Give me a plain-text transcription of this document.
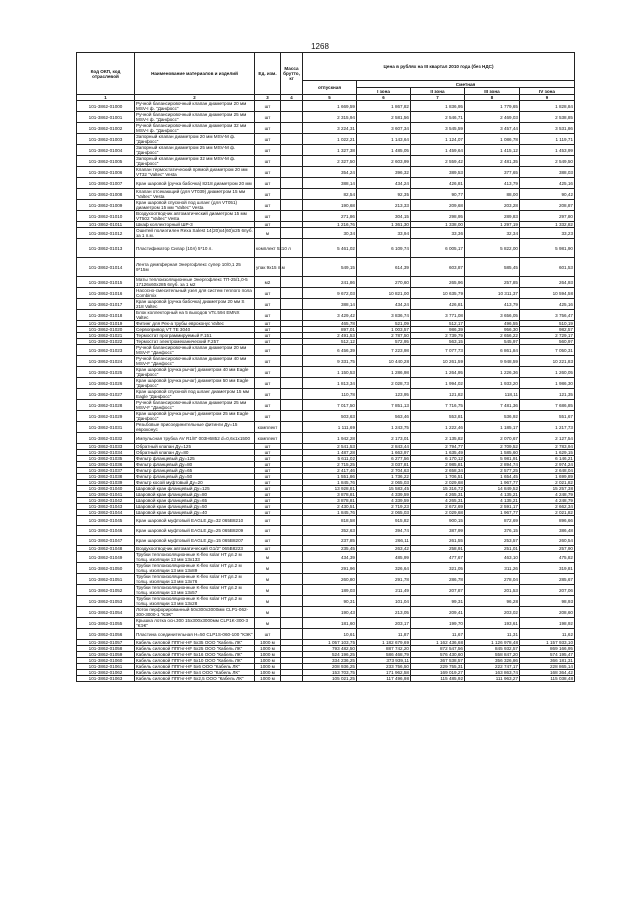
1268
Код ОКП, код отраслевой	Наименование материалов и изделий	Ед. изм.	Масса брутто, кг	Цена в рублях на III квартал 2010 года (без НДС)				
				отпускная	Сметная			
					I зона	II зона	III зона	IV зона
1	2	3	4	5	6	7	8	9
101-3862-01000	Ручной балансировочный клапан диаметром 20 мм MSV-I ф. "Данфосс"	шт		1 669,59	1 867,82	1 836,95	1 779,65	1 828,84
101-3862-01001	Ручной балансировочный клапан диаметром 25 мм MSV-I ф. "Данфосс"	шт		2 315,94	2 581,56	2 546,71	2 469,03	2 538,85
101-3862-01002	Ручной балансировочный клапан диаметром 32 мм MSV-I ф. "Данфосс"	шт		3 224,31	3 607,34	3 545,59	3 457,44	3 531,86
101-3862-01003	Запорный клапан диаметром 20 мм MSV-M ф. "Данфосс"	шт		1 022,21	1 143,64	1 124,07	1 086,78	1 119,71
101-3862-01004	Запорный клапан диаметром 25 мм MSV-M ф. "Данфосс"	шт		1 327,38	1 485,05	1 459,64	1 415,12	1 453,99
101-3862-01005	Запорный клапан диаметром 32 мм MSV-M ф. "Данфосс"	шт		2 327,50	2 603,99	2 559,42	2 481,35	2 549,50
101-3862-01006	Клапан термостатический прямой диаметром 20 мм VT32 "Valtec" Vesta	шт		354,24	396,32	389,53	377,65	388,03
101-3862-01007	Кран шаровой (ручка бабочка) 8218 диаметром 20 мм	шт		388,14	434,24	426,81	413,79	425,16
101-3862-01008	Клапан отсекающий (для VT039) диаметром 15 мм "Valtec" Vesta	шт		82,54	92,35	90,77	88,00	90,42
101-3862-01009	Кран шаровой спускной под шланг (для VT051) диаметром 15 мм "Valtec" Vesta	шт		190,68	213,33	209,68	203,28	208,87
101-3862-01010	Воздухоотводчик автоматический диаметром 15 мм VT502 "Valtec" Vesta	шт		271,86	304,15	298,95	289,83	297,80
101-3862-01011	Шкаф коллекторный ШР-3	шт		1 216,76	1 361,30	1 338,00	1 297,19	1 332,82
101-3862-01012	Ошитей полиэтилен Rexa Salest 14(20)х4(60)х25 6пуб. за 1 п.м.	м		30,34	33,94	33,36	32,34	33,23
101-3862-01013	Пластификатор Силар (10л) 5*10 л.	комплект 5х10 л		5 461,02	6 109,74	6 005,17	5 822,00	5 981,90
101-3862-01014	Лента демпферная Энергофлекс супер 10/0,1 25 9*15м	упак 9х15 п.м		549,15	614,39	603,87	585,45	601,53
101-3862-01015	Маты теплоизоляционные Энергофлекс ТП-25/1,0-5 17126х60х285 6пуб. за 1 м2	м2		241,86	270,60	265,96	257,85	264,93
101-3862-01016	Насосно-смесительный узел для систем теплого пола Combimix	шт		9 672,03	10 821,00	10 635,79	10 311,37	10 594,58
101-3862-01017	Кран шаровой (ручка бабочка) диаметром 20 мм S 218 Valtec	шт		388,14	434,24	426,81	413,79	425,16
101-3862-01018	Блок коллекторный на 5 выходов VTc.594 EMNX Valtec	шт		3 429,42	3 836,74	3 771,08	3 656,05	3 756,47
101-3862-01019	Фитинг для Рех-а трубы евроконус Valtec	шт		465,78	521,09	512,17	496,55	510,19
101-3862-01020	Сервопривод VT TE 3040	шт		897,01	1 003,57	986,39	956,30	982,57
101-3862-01021	Термостат программируемый F.151	шт		2 491,53	2 787,50	2 739,79	2 656,22	2 729,17
101-3862-01022	Термостат электромеханический F.257	шт		512,12	572,95	563,15	545,97	560,97
101-3862-01023	Ручной балансировочный клапан диаметром 20 мм MSV-F "Данфосс"	шт		6 456,39	7 223,98	7 077,73	6 861,84	7 050,31
101-3862-01024	Ручной балансировочный клапан диаметром 40 мм MSV-F "Данфосс"	шт		9 331,75	10 440,28	10 261,59	9 948,59	10 221,83
101-3862-01025	Кран шаровой (ручка рычаг) диаметром 40 мм Eagle "Данфосс"	шт		1 150,53	1 286,98	1 264,95	1 226,36	1 260,05
101-3862-01026	Кран шаровой (ручка рычаг) диаметром 50 мм Eagle "Данфосс"	шт		1 813,34	2 028,73	1 994,02	1 933,20	1 986,30
101-3862-01027	Кран шаровой спускной под шланг диаметром 15 мм Eagle "Данфосс"	шт		110,78	123,95	121,82	118,11	121,35
101-3862-01028	Ручной балансировочный клапан диаметром 25 мм MSV-F "Данфосс"	шт		7 017,50	7 851,13	7 716,75	7 481,36	7 686,85
101-3862-01029	Кран шаровой (ручка рычаг) диаметром 25 мм Eagle "Данфосс"	шт		503,63	563,46	553,81	536,92	551,67
101-3862-01031	Резьбовые присоединительные фитинги Ду=15 евроконус	комплект		1 111,69	1 243,75	1 222,46	1 185,17	1 217,73
101-3862-01032	Импульсная трубка AV R1/8" 003Н6852 d=0,6х1х1500	комплект		1 942,28	2 173,01	2 135,82	2 070,67	2 127,54
101-3862-01033	Обратный клапан Ду=125	шт		2 541,53	2 843,44	2 794,77	2 709,52	2 783,94
101-3862-01034	Обратный клапан Ду=80	шт		1 487,28	1 663,97	1 635,49	1 585,60	1 629,15
101-3862-01035	Фильтр фланцевый Ду=125	шт		5 611,02	6 277,56	6 170,12	5 981,91	6 146,21
101-3862-01036	Фильтр фланцевый Ду=80	шт		2 715,25	3 037,81	2 985,81	2 894,74	2 974,24
101-3862-01037	Фильтр фланцевый Ду=65	шт		2 417,46	2 704,63	2 658,34	2 577,25	2 648,04
101-3862-01038	Фильтр фланцевый Ду=50	шт		1 551,86	1 736,22	1 706,51	1 654,45	1 699,89
101-3862-01039	Фильтр косой муфтовый Ду=20	шт		1 845,76	2 065,03	2 029,68	1 967,77	2 021,82
101-3862-01040	Шаровой кран фланцевый Ду=125	шт		13 928,81	15 583,45	15 316,72	14 849,52	15 257,38
101-3862-01041	Шаровой кран фланцевый Ду=80	шт		3 878,81	4 339,59	4 265,31	4 135,21	4 248,79
101-3862-01042	Шаровой кран фланцевый Ду=65	шт		3 878,81	4 339,59	4 265,31	4 135,21	4 248,79
101-3862-01043	Шаровой кран фланцевый Ду=50	шт		2 430,51	2 719,23	2 672,69	2 591,17	2 662,34
101-3862-01044	Шаровой кран фланцевый Ду=40	шт		1 845,76	2 065,03	2 029,68	1 967,77	2 021,82
101-3862-01045	Кран шаровой муфтовый EAGLE Ду=32 065В8210	шт		818,58	915,82	900,15	872,69	896,66
101-3862-01046	Кран шаровой муфтовый EAGLE Ду=25 065В8209	шт		352,63	394,74	387,99	376,15	386,48
101-3862-01047	Кран шаровой муфтовый EAGLE Ду=15 065В8207	шт		237,85	266,11	261,55	253,57	260,54
101-3862-01048	Воздухоотводчик автоматический G1/2" 065В8223	шт		235,45	263,42	258,91	251,01	257,90
101-3862-01049	Трубки теплоизоляционные K-flex solar HT дл.2 м толщ. изоляции 13 мм 13х133	м		434,39	485,99	477,67	463,10	475,82
101-3862-01050	Трубки теплоизоляционные K-flex solar HT дл.2 м толщ. изоляции 13 мм 13х89	м		291,96	326,64	321,05	311,26	319,81
101-3862-01051	Трубки теплоизоляционные K-flex solar HT дл.2 м толщ. изоляции 13 мм 13х76	м		260,80	291,78	286,78	278,04	285,67
101-3862-01052	Трубки теплоизоляционные K-flex solar HT дл.2 м толщ. изоляции 13 мм 13х57	м		189,03	211,49	207,87	201,53	207,06
101-3862-01053	Трубки теплоизоляционные K-flex solar HT дл.2 м толщ. изоляции 13 мм 13х28	м		90,31	101,04	99,31	96,28	98,93
101-3862-01054	Лоток перфорированный 50х300х3000мм CLP1-062-300-3000-1 "КЭК"	м		190,43	213,05	209,41	203,02	208,60
101-3862-01055	Крышка лотка осн.300 15х300х3000мм CLP1K-300-3 "КЭК"	м		181,60	203,17	199,70	193,61	198,92
101-3862-01056	Пластина соединительная Н=50 CLP1S-060-100 "КЭК"	шт		10,61	11,87	11,67	11,31	11,62
101-3862-01057	Кабель силовой ППГнг-HF 5х35 ООО "Кабель ЛК"	1000 м		1 057 103,75	1 182 679,69	1 162 436,68	1 126 978,48	1 157 933,10
101-3862-01058	Кабель силовой ППГнг-HF 5х25 ООО "Кабель ЛК"	1000 м		793 482,50	887 742,20	872 547,56	845 932,57	869 166,95
101-3862-01059	Кабель силовой ППГнг-HF 5х16 ООО "Кабель ЛК"	1000 м		524 196,25	586 468,79	576 430,60	558 847,20	574 195,47
101-3862-01060	Кабель силовой ППГнг-HF 5х10 ООО "Кабель ЛК"	1000 м		334 236,25	373 939,11	367 538,57	356 326,86	366 181,31
101-3862-01061	Кабель силовой ППГнг-HF 5х6 ООО "Кабель ЛК"	1000 м		208 936,25	233 756,50	229 755,31	222 747,17	228 865,14
101-3862-01062	Кабель силовой ППГнг-HF 5х4 ООО "Кабель ЛК"	1000 м		153 703,75	171 962,58	169 019,27	163 863,74	168 364,42
101-3862-01063	Кабель силовой ППГнг-HF 5х2,5 ООО "Кабель ЛК"	1000 м		105 021,25	117 496,98	115 485,92	111 963,27	115 038,48
